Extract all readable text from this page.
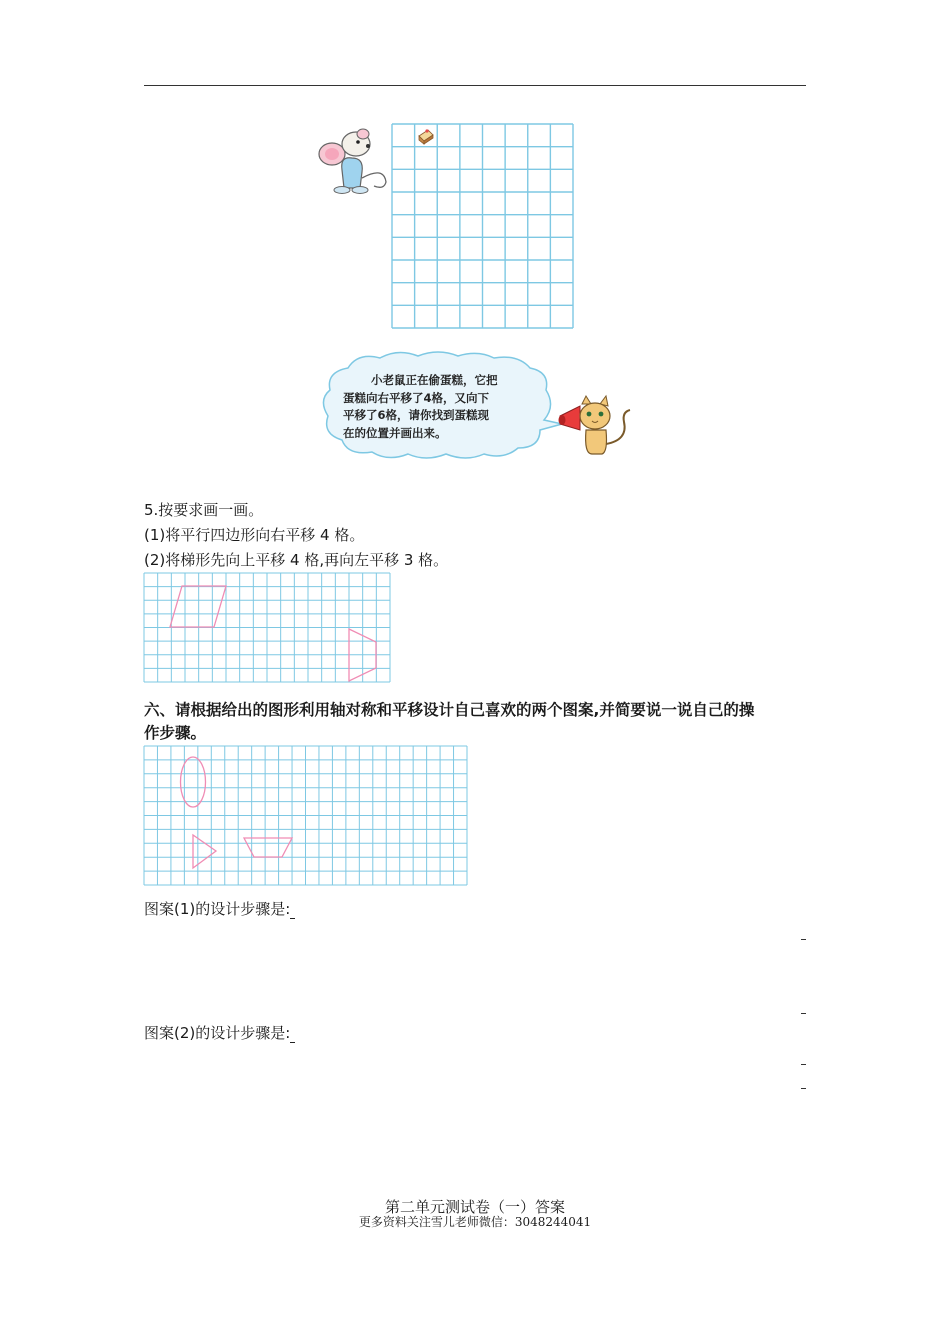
小老鼠正在偷蛋糕，它把
蛋糕向右平移了4格，又向下
平移了6格，请你找到蛋糕现
在的位置并画出来。
5.按要求画一画。
(1)将平行四边形向右平移 4 格。
(2)将梯形先向上平移 4 格,再向左平移 3 格。
六、请根据给出的图形利用轴对称和平移设计自己喜欢的两个图案,并简要说一说自己的操
作步骤。
图案(1)的设计步骤是:
图案(2)的设计步骤是:
第二单元测试卷（一）答案
更多资料关注雪儿老师微信：3048244041
